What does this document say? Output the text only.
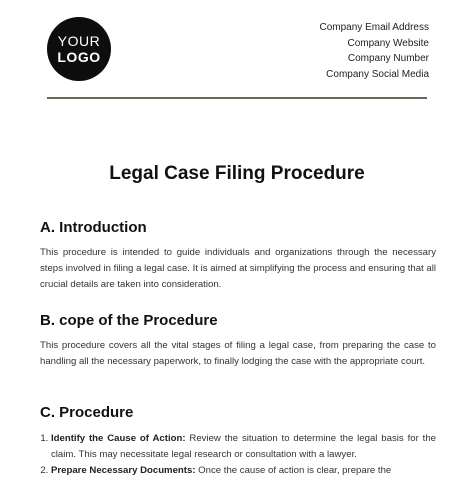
YOUR
LOGO
Company Email Address
Company Website
Company Number
Company Social Media
Legal Case Filing Procedure
A. Introduction

This procedure is intended to guide individuals and organizations through the necessary steps involved in filing a legal case. It is aimed at simplifying the process and ensuring that all crucial details are taken into consideration.

B. cope of the Procedure

This procedure covers all the vital stages of filing a legal case, from preparing the case to handling all the necessary paperwork, to finally lodging the case with the appropriate court.

C. Procedure
1. Identify the Cause of Action: Review the situation to determine the legal basis for the claim. This may necessitate legal research or consultation with a lawyer.
2. Prepare Necessary Documents: Once the cause of action is clear, prepare the
